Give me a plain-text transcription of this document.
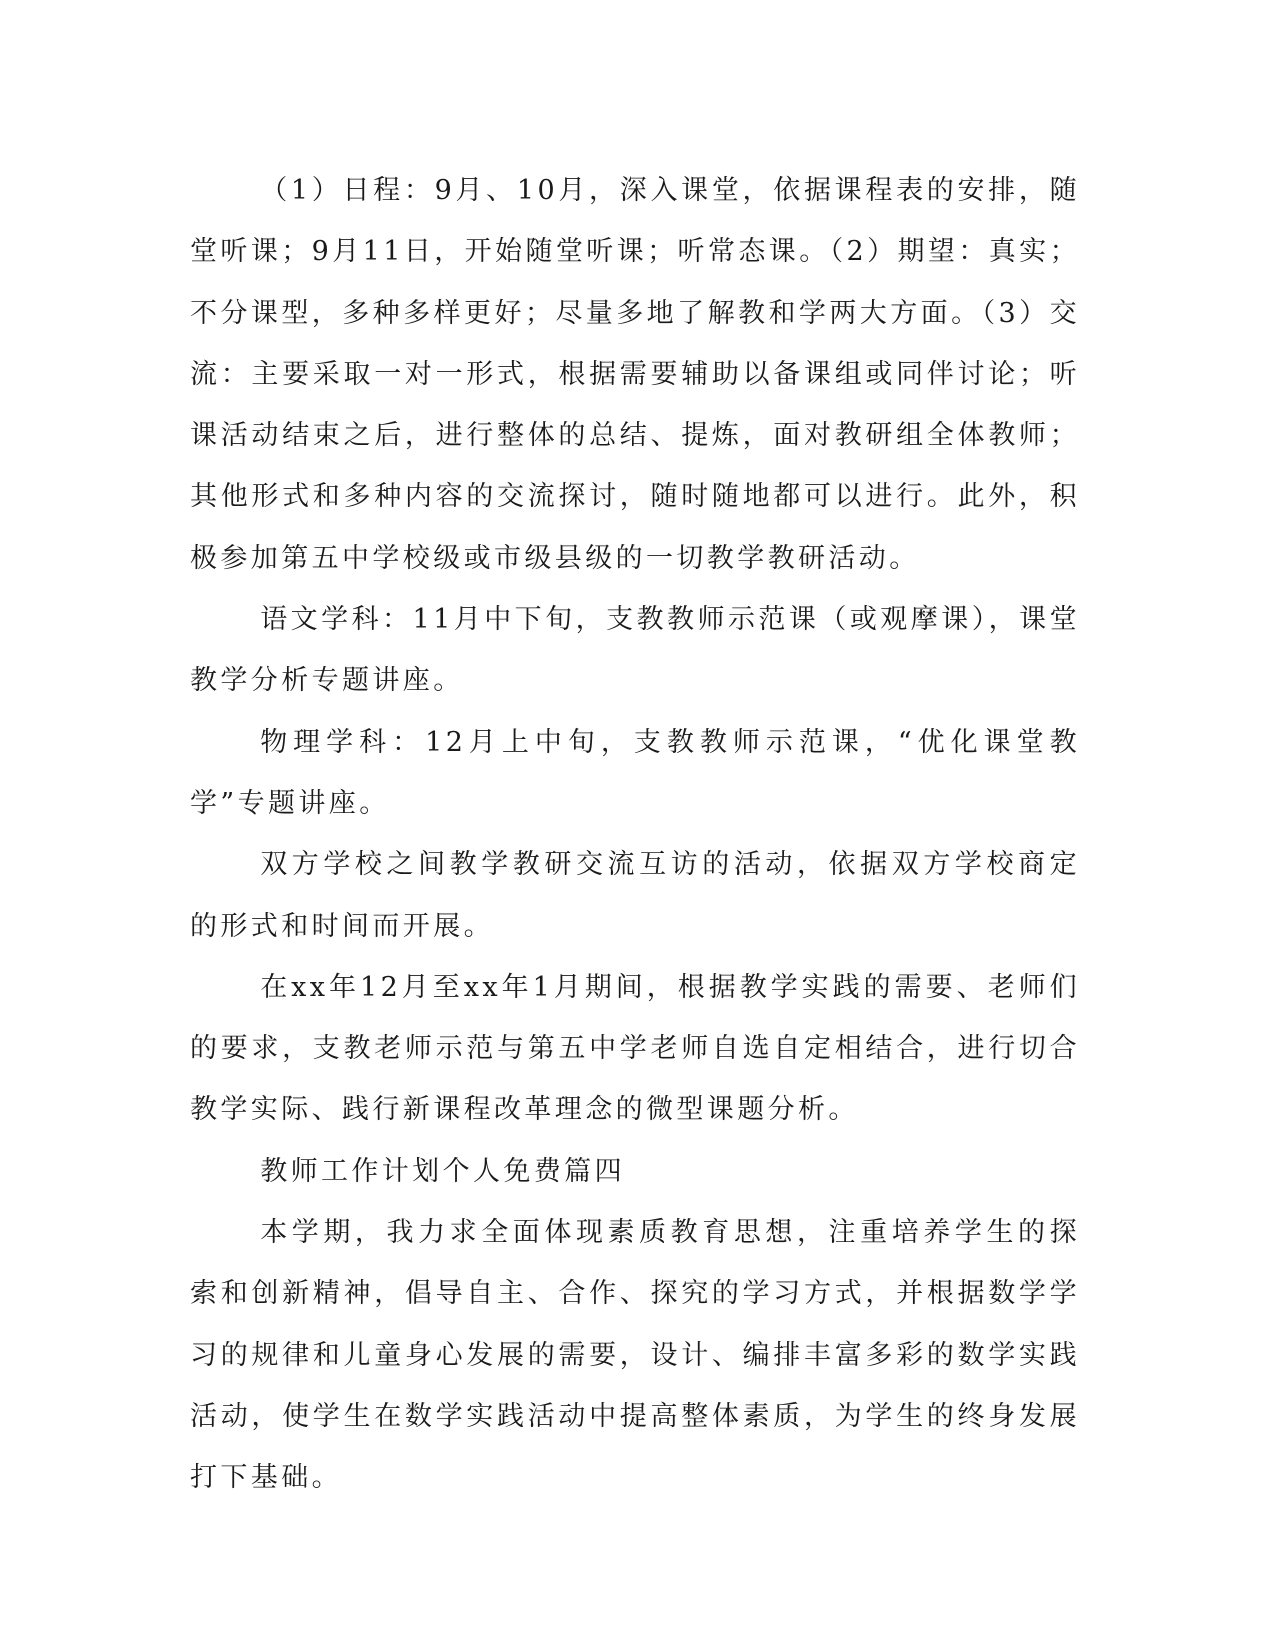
（1）日程：9月、10月，深入课堂，依据课程表的安排，随堂听课；9月11日，开始随堂听课；听常态课。（2）期望：真实；不分课型，多种多样更好；尽量多地了解教和学两大方面。（3）交流：主要采取一对一形式，根据需要辅助以备课组或同伴讨论；听课活动结束之后，进行整体的总结、提炼，面对教研组全体教师；其他形式和多种内容的交流探讨，随时随地都可以进行。此外，积极参加第五中学校级或市级县级的一切教学教研活动。

语文学科：11月中下旬，支教教师示范课（或观摩课），课堂教学分析专题讲座。

物理学科：12月上中旬，支教教师示范课，“优化课堂教学”专题讲座。

双方学校之间教学教研交流互访的活动，依据双方学校商定的形式和时间而开展。

在xx年12月至xx年1月期间，根据教学实践的需要、老师们的要求，支教老师示范与第五中学老师自选自定相结合，进行切合教学实际、践行新课程改革理念的微型课题分析。

教师工作计划个人免费篇四

本学期，我力求全面体现素质教育思想，注重培养学生的探索和创新精神，倡导自主、合作、探究的学习方式，并根据数学学习的规律和儿童身心发展的需要，设计、编排丰富多彩的数学实践活动，使学生在数学实践活动中提高整体素质，为学生的终身发展打下基础。
